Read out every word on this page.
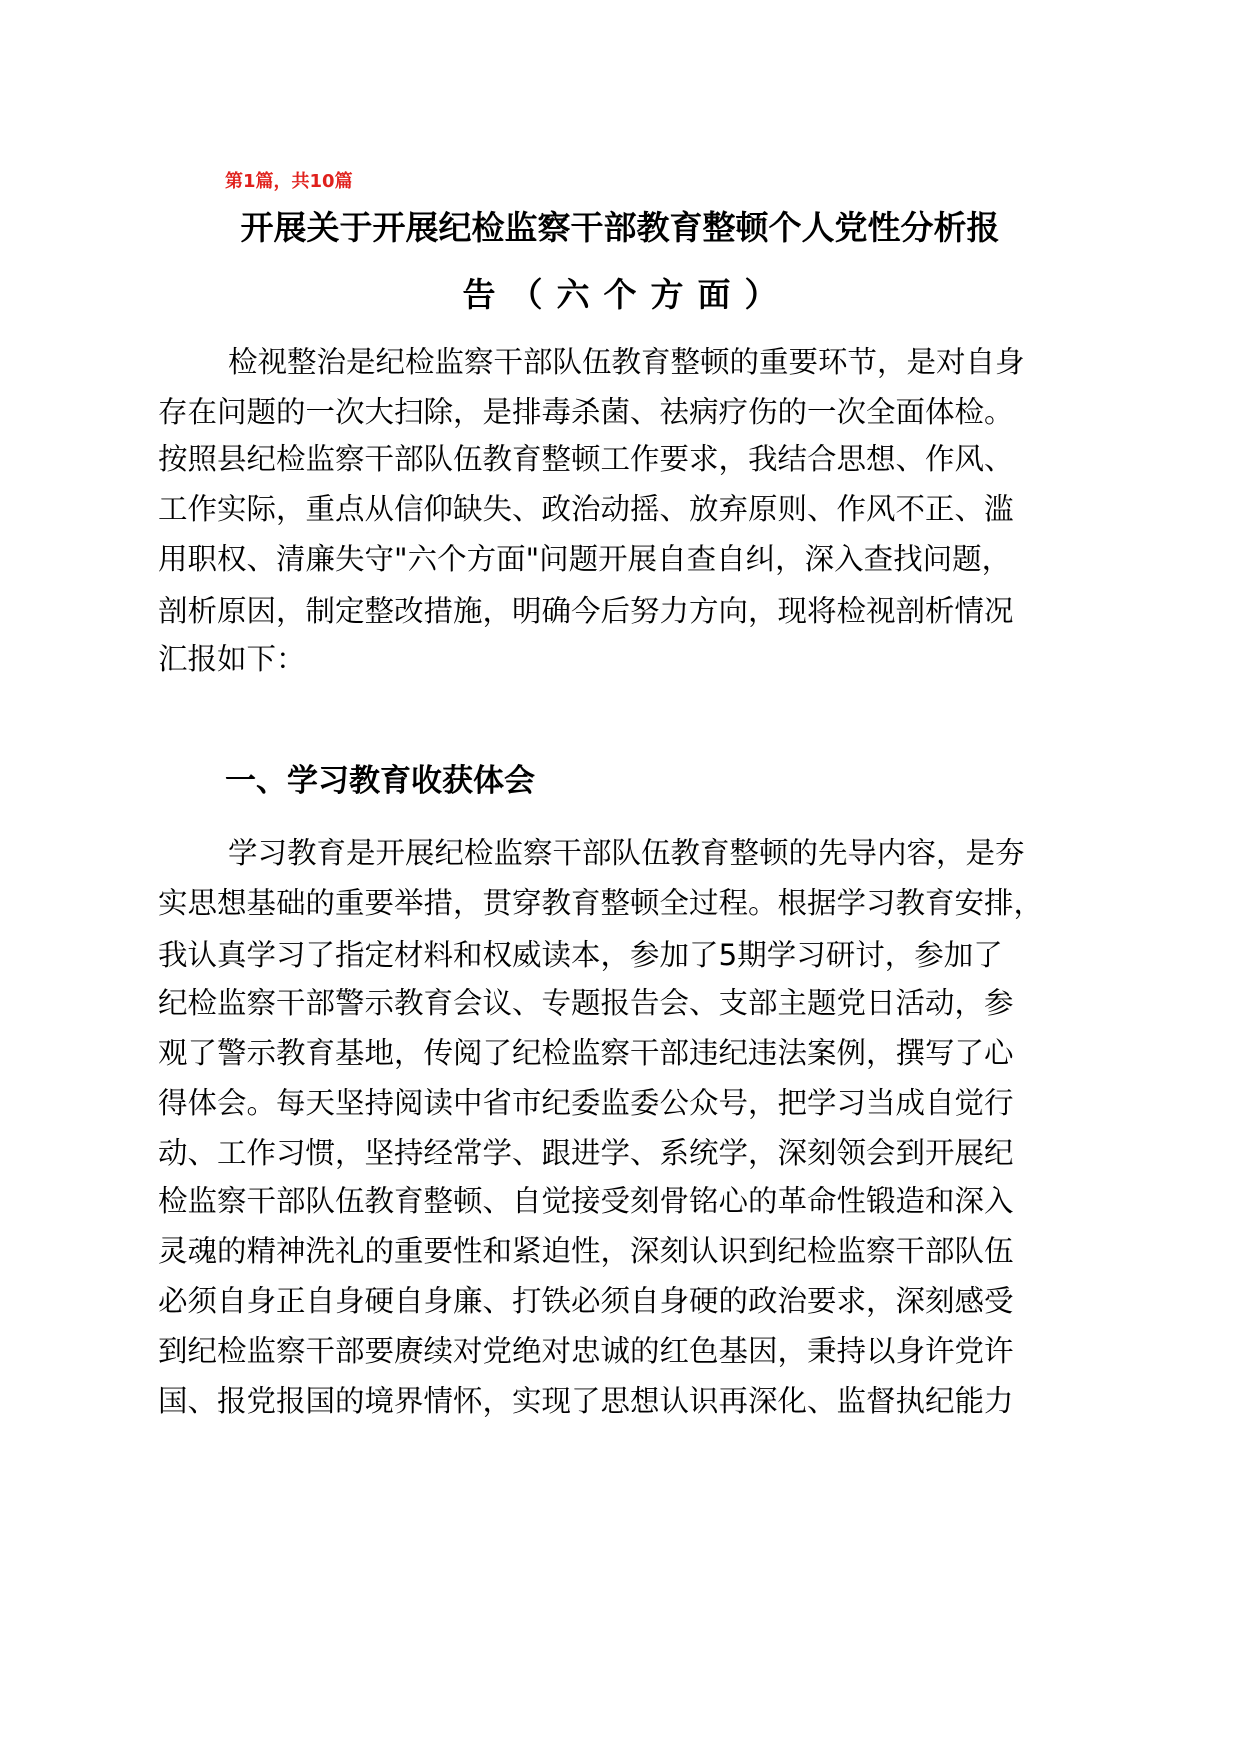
第1篇，共10篇
开展关于开展纪检监察干部教育整顿个人党性分析报
告（六个方面）
检视整治是纪检监察干部队伍教育整顿的重要环节，是对自身
存在问题的一次大扫除，是排毒杀菌、祛病疗伤的一次全面体检。
按照县纪检监察干部队伍教育整顿工作要求，我结合思想、作风、
工作实际，重点从信仰缺失、政治动摇、放弃原则、作风不正、滥
用职权、清廉失守"六个方面"问题开展自查自纠，深入查找问题，
剖析原因，制定整改措施，明确今后努力方向，现将检视剖析情况
汇报如下：
一、学习教育收获体会
学习教育是开展纪检监察干部队伍教育整顿的先导内容，是夯
实思想基础的重要举措，贯穿教育整顿全过程。根据学习教育安排，
我认真学习了指定材料和权威读本，参加了5期学习研讨，参加了
纪检监察干部警示教育会议、专题报告会、支部主题党日活动，参
观了警示教育基地，传阅了纪检监察干部违纪违法案例，撰写了心
得体会。每天坚持阅读中省市纪委监委公众号，把学习当成自觉行
动、工作习惯，坚持经常学、跟进学、系统学，深刻领会到开展纪
检监察干部队伍教育整顿、自觉接受刻骨铭心的革命性锻造和深入
灵魂的精神洗礼的重要性和紧迫性，深刻认识到纪检监察干部队伍
必须自身正自身硬自身廉、打铁必须自身硬的政治要求，深刻感受
到纪检监察干部要赓续对党绝对忠诚的红色基因，秉持以身许党许
国、报党报国的境界情怀，实现了思想认识再深化、监督执纪能力
